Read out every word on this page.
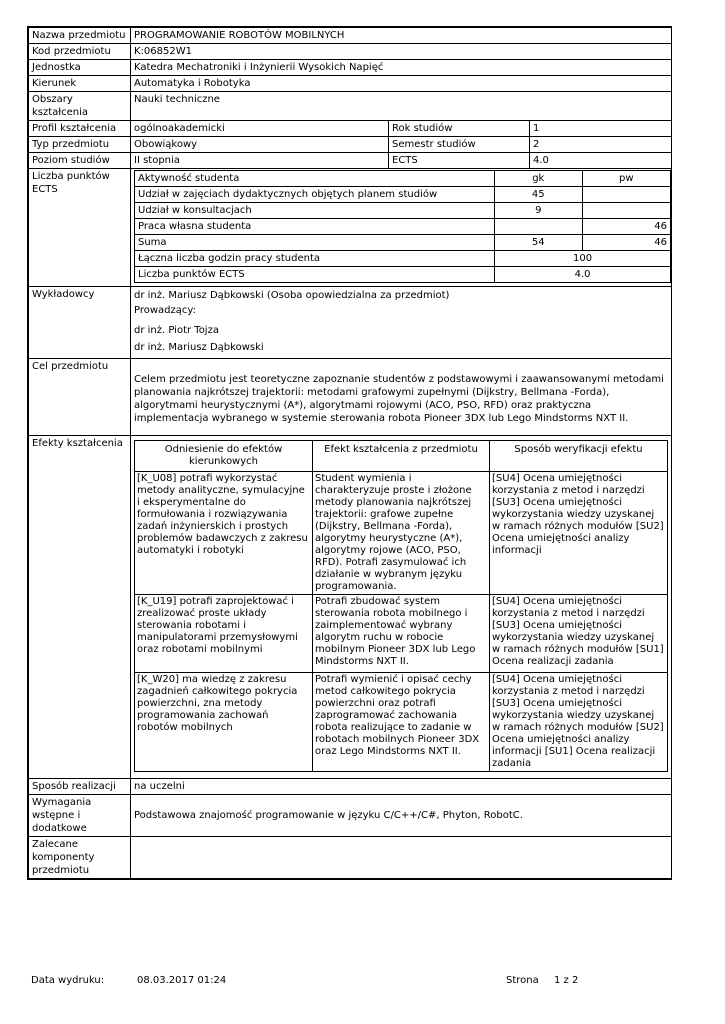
Nazwa przedmiotu	PROGRAMOWANIE ROBOTÓW MOBILNYCH
Kod przedmiotu	K:06852W1
Jednostka	Katedra Mechatroniki i Inżynierii Wysokich Napięć
Kierunek	Automatyka i Robotyka
Obszary kształcenia	Nauki techniczne
Profil kształcenia	ogólnoakademicki	Rok studiów	1
Typ przedmiotu	Obowiąkowy	Semestr studiów	2
Poziom studiów	II stopnia	ECTS	4.0
Liczba punktów ECTS	
Aktywność studenta	gk	pw
Udział w zajęciach dydaktycznych objętych planem studiów	45	
Udział w konsultacjach	9	
Praca własna studenta		46
Suma	54	46
Łączna liczba godzin pracy studenta	100
Liczba punktów ECTS	4.0

Wykładowcy	dr inż. Mariusz Dąbkowski (Osoba opowiedzialna za przedmiot)
Prowadzący:
dr inż. Piotr Tojza
dr inż. Mariusz Dąbkowski

Cel przedmiotu	Celem przedmiotu jest teoretyczne zapoznanie studentów z podstawowymi i zaawansowanymi metodami planowania najkrótszej trajektorii: metodami grafowymi zupełnymi (Dijkstry, Bellmana -Forda), algorytmami heurystycznymi (A*), algorytmami rojowymi (ACO, PSO, RFD) oraz praktyczna implementacja wybranego w systemie sterowania robota Pioneer 3DX lub Lego Mindstorms NXT II.
Efekty kształcenia	
Odniesienie do efektów kierunkowych	Efekt kształcenia z przedmiotu	Sposób weryfikacji efektu
[K_U08] potrafi wykorzystać metody analityczne, symulacyjne i eksperymentalne do formułowania i rozwiązywania zadań inżynierskich i prostych problemów badawczych z zakresu automatyki i robotyki	Student wymienia i charakteryzuje proste i złożone metody planowania najkrótszej trajektorii: grafowe zupełne (Dijkstry, Bellmana -Forda), algorytmy heurystyczne (A*), algorytmy rojowe (ACO, PSO, RFD). Potrafi zasymulować ich działanie w wybranym języku programowania.	[SU4] Ocena umiejętności korzystania z metod i narzędzi [SU3] Ocena umiejętności wykorzystania wiedzy uzyskanej w ramach różnych modułów [SU2] Ocena umiejętności analizy informacji
[K_U19] potrafi zaprojektować i zrealizować proste układy sterowania robotami i manipulatorami przemysłowymi oraz robotami mobilnymi	Potrafi zbudować system sterowania robota mobilnego i zaimplementować wybrany algorytm ruchu w robocie mobilnym Pioneer 3DX lub Lego Mindstorms NXT II.	[SU4] Ocena umiejętności korzystania z metod i narzędzi [SU3] Ocena umiejętności wykorzystania wiedzy uzyskanej w ramach różnych modułów [SU1] Ocena realizacji zadania
[K_W20] ma wiedzę z zakresu zagadnień całkowitego pokrycia powierzchni, zna metody programowania zachowań robotów mobilnych	Potrafi wymienić i opisać cechy metod całkowitego pokrycia powierzchni oraz potrafi zaprogramować zachowania robota realizujące to zadanie w robotach mobilnych Pioneer 3DX oraz Lego Mindstorms NXT II.	[SU4] Ocena umiejętności korzystania z metod i narzędzi [SU3] Ocena umiejętności wykorzystania wiedzy uzyskanej w ramach różnych modułów [SU2] Ocena umiejętności analizy informacji [SU1] Ocena realizacji zadania

Sposób realizacji	na uczelni
Wymagania wstępne i dodatkowe	Podstawowa znajomość programowanie w języku C/C++/C#, Phyton, RobotC.
Zalecane komponenty przedmiotu	
Data wydruku:	08.03.2017 01:24	Strona 1 z 2
